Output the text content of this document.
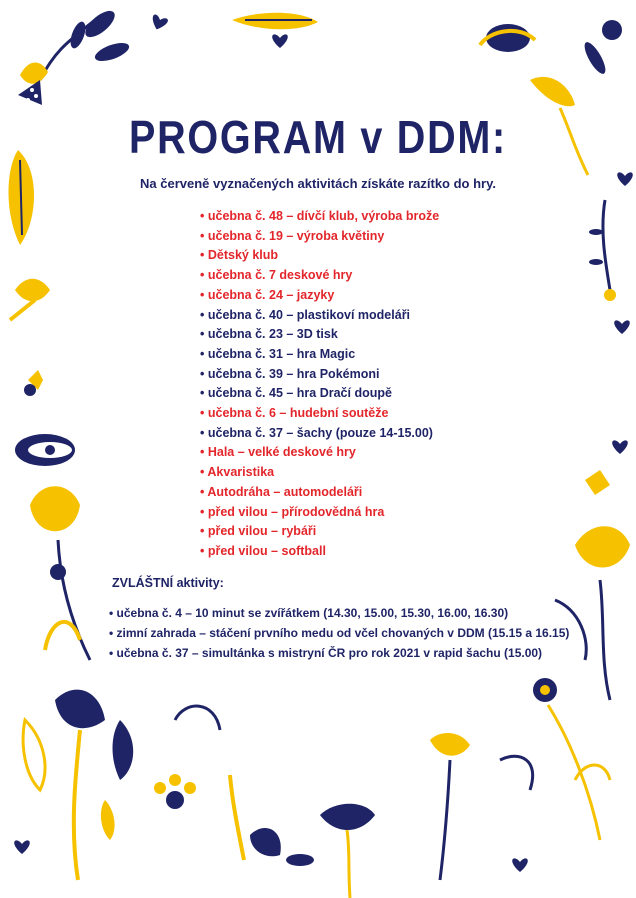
PROGRAM v DDM:
Na červeně vyznačených aktivitách získáte razítko do hry.
• učebna č. 48 – dívčí klub, výroba brože
• učebna č. 19 – výroba květiny
• Dětský klub
• učebna č. 7 deskové hry
• učebna č. 24 – jazyky
• učebna č. 40 – plastikoví modeláři
• učebna č. 23 – 3D tisk
• učebna č. 31 – hra Magic
• učebna č. 39 – hra Pokémoni
• učebna č. 45 – hra Dračí doupě
• učebna č. 6 – hudební soutěže
• učebna č. 37 – šachy (pouze 14-15.00)
• Hala – velké deskové hry
• Akvaristika
• Autodráha – automodeláři
• před vilou – přírodovědná hra
• před vilou – rybáři
• před vilou – softball
ZVLÁŠTNÍ aktivity:
• učebna č. 4 – 10 minut se zvířátkem (14.30, 15.00, 15.30, 16.00, 16.30)
• zimní zahrada – stáčení prvního medu od včel chovaných v DDM (15.15 a 16.15)
• učebna č. 37 – simultánka s mistryní ČR pro rok 2021 v rapid šachu (15.00)
